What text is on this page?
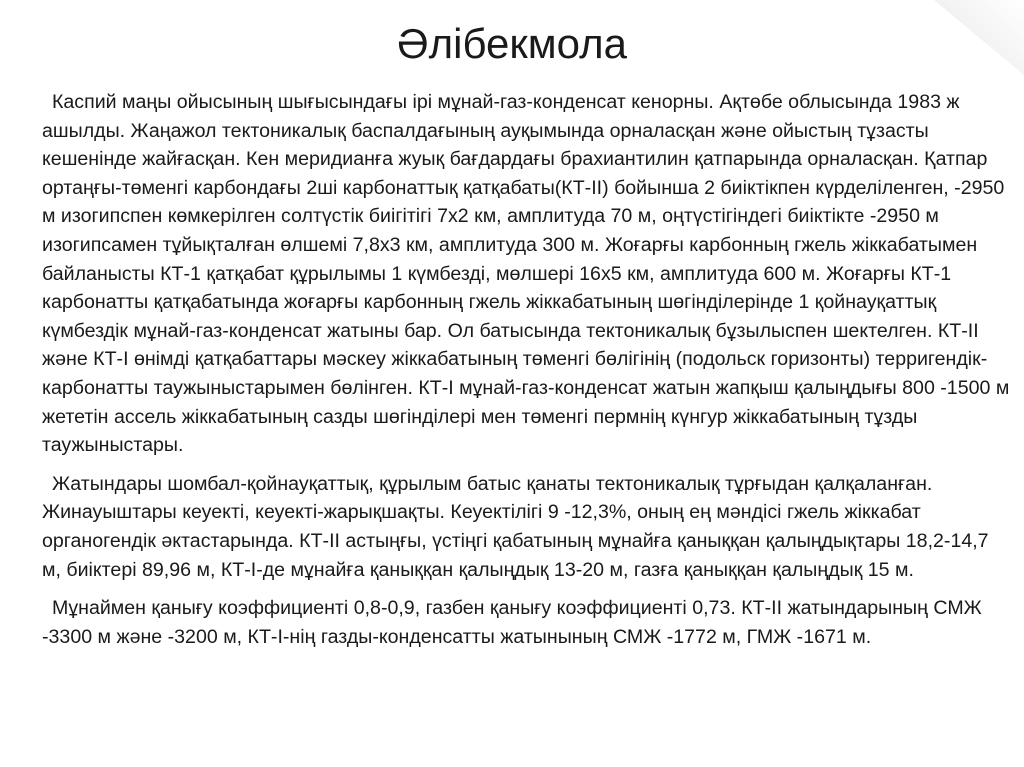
Әлібекмола

Каспий маңы ойысының шығысындағы ірі мұнай-газ-конденсат кенорны. Ақтөбе облысында 1983 ж ашылды. Жаңажол тектоникалық баспалдағының ауқымында орналасқан және ойыстың тұзасты кешенінде жайғасқан. Кен меридианға жуық бағдардағы брахиантилин қатпарында орналасқан. Қатпар ортаңғы-төменгі карбондағы 2ші карбонаттық қатқабаты(КТ-ІІ) бойынша 2 биіктікпен күрделіленген, -2950 м изогипспен көмкерілген солтүстік биігітігі 7х2 км, амплитуда 70 м, оңтүстігіндегі биіктікте -2950 м изогипсамен тұйықталған өлшемі 7,8х3 км, амплитуда 300 м. Жоғарғы карбонның гжель жіккабатымен байланысты КТ-1 қатқабат құрылымы 1 күмбезді, мөлшері 16х5 км, амплитуда 600 м. Жоғарғы КТ-1 карбонатты қатқабатында жоғарғы карбонның гжель жіккабатының шөгінділерінде 1 қойнауқаттық күмбездік мұнай-газ-конденсат жатыны бар. Ол батысында тектоникалық бұзылыспен шектелген. КТ-ІІ және КТ-І өнімді қатқабаттары мәскеу жіккабатының төменгі бөлігінің (подольск горизонты) терригендік-карбонатты таужыныстарымен бөлінген. КТ-І мұнай-газ-конденсат жатын жапқыш қалыңдығы 800 -1500 м жететін ассель жіккабатының сазды шөгінділері мен төменгі пермнің күнгур жіккабатының тұзды таужыныстары.

Жатындары шомбал-қойнауқаттық, құрылым батыс қанаты тектоникалық тұрғыдан қалқаланған. Жинауыштары кеуекті, кеуекті-жарықшақты. Кеуектілігі 9 -12,3%, оның ең мәндісі гжель жіккабат органогендік әктастарында. КТ-ІІ астыңғы, үстіңгі қабатының мұнайға қаныққан қалыңдықтары 18,2-14,7 м, биіктері 89,96 м, КТ-І-де мұнайға қаныққан қалыңдық 13-20 м, газға қаныққан қалыңдық 15 м.

Мұнаймен қанығу коэффициенті 0,8-0,9, газбен қанығу коэффициенті 0,73. КТ-ІІ жатындарының СМЖ -3300 м және -3200 м, КТ-І-нің газды-конденсатты жатынының СМЖ -1772 м, ГМЖ -1671 м.
